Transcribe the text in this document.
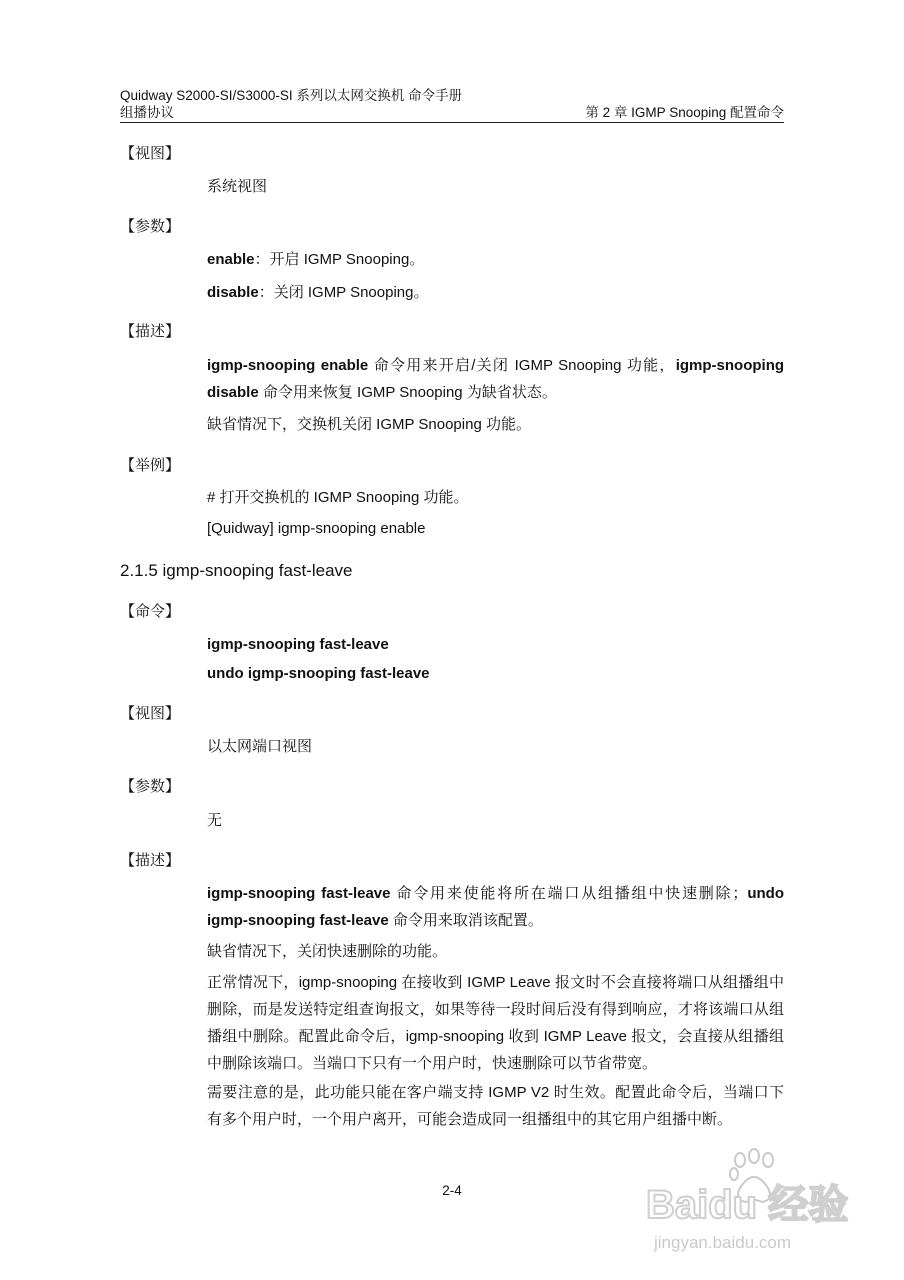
Quidway S2000-SI/S3000-SI 系列以太网交换机 命令手册
组播协议	第 2 章 IGMP Snooping 配置命令
【视图】
系统视图
【参数】
enable：开启 IGMP Snooping。
disable：关闭 IGMP Snooping。
【描述】
igmp-snooping enable 命令用来开启/关闭 IGMP Snooping 功能，igmp-snooping disable 命令用来恢复 IGMP Snooping 为缺省状态。
缺省情况下，交换机关闭 IGMP Snooping 功能。
【举例】
# 打开交换机的 IGMP Snooping 功能。
[Quidway] igmp-snooping enable
2.1.5 igmp-snooping fast-leave
【命令】
igmp-snooping fast-leave
undo igmp-snooping fast-leave
【视图】
以太网端口视图
【参数】
无
【描述】
igmp-snooping fast-leave 命令用来使能将所在端口从组播组中快速删除；undo igmp-snooping fast-leave 命令用来取消该配置。
缺省情况下，关闭快速删除的功能。
正常情况下，igmp-snooping 在接收到 IGMP Leave 报文时不会直接将端口从组播组中删除，而是发送特定组查询报文，如果等待一段时间后没有得到响应，才将该端口从组播组中删除。配置此命令后，igmp-snooping 收到 IGMP Leave 报文，会直接从组播组中删除该端口。当端口下只有一个用户时，快速删除可以节省带宽。
需要注意的是，此功能只能在客户端支持 IGMP V2 时生效。配置此命令后，当端口下有多个用户时，一个用户离开，可能会造成同一组播组中的其它用户组播中断。
2-4	Baidu 经验
jingyan.baidu.com
